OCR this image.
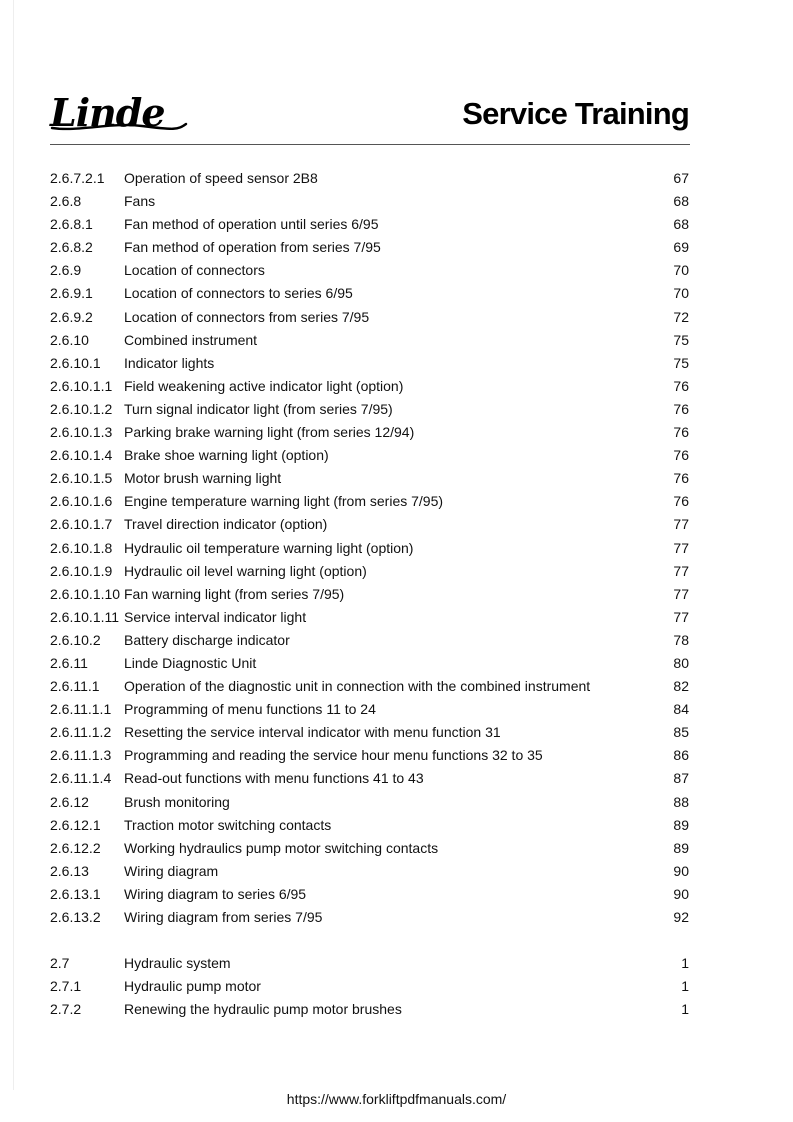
Linde	Service Training
2.6.7.2.1 Operation of speed sensor 2B8	67
2.6.8	Fans	68
2.6.8.1 Fan method of operation until series 6/95	68
2.6.8.2 Fan method of operation from series 7/95	69
2.6.9	Location of connectors	70
2.6.9.1 Location of connectors to series 6/95	70
2.6.9.2 Location of connectors from series 7/95	72
2.6.10	Combined instrument	75
2.6.10.1 Indicator lights	75
2.6.10.1.1 Field weakening active indicator light (option)	76
2.6.10.1.2 Turn signal indicator light (from series 7/95)	76
2.6.10.1.3 Parking brake warning light (from series 12/94)	76
2.6.10.1.4 Brake shoe warning light (option)	76
2.6.10.1.5 Motor brush warning light	76
2.6.10.1.6 Engine temperature warning light (from series 7/95)	76
2.6.10.1.7 Travel direction indicator (option)	77
2.6.10.1.8 Hydraulic oil temperature warning light (option)	77
2.6.10.1.9 Hydraulic oil level warning light (option)	77
2.6.10.1.10 Fan warning light (from series 7/95)	77
2.6.10.1.11 Service interval indicator light	77
2.6.10.2 Battery discharge indicator	78
2.6.11	Linde Diagnostic Unit	80
2.6.11.1 Operation of the diagnostic unit in connection with the combined instrument	82
2.6.11.1.1 Programming of menu functions 11 to 24	84
2.6.11.1.2 Resetting the service interval indicator with menu function 31	85
2.6.11.1.3 Programming and reading the service hour menu functions 32 to 35	86
2.6.11.1.4 Read-out functions with menu functions 41 to 43	87
2.6.12	Brush monitoring	88
2.6.12.1 Traction motor switching contacts	89
2.6.12.2 Working hydraulics pump motor switching contacts	89
2.6.13	Wiring diagram	90
2.6.13.1 Wiring diagram to series 6/95	90
2.6.13.2 Wiring diagram from series 7/95	92
2.7	Hydraulic system	1
2.7.1	Hydraulic pump motor	1
2.7.2	Renewing the hydraulic pump motor brushes	1
https://www.forkliftpdfmanuals.com/
